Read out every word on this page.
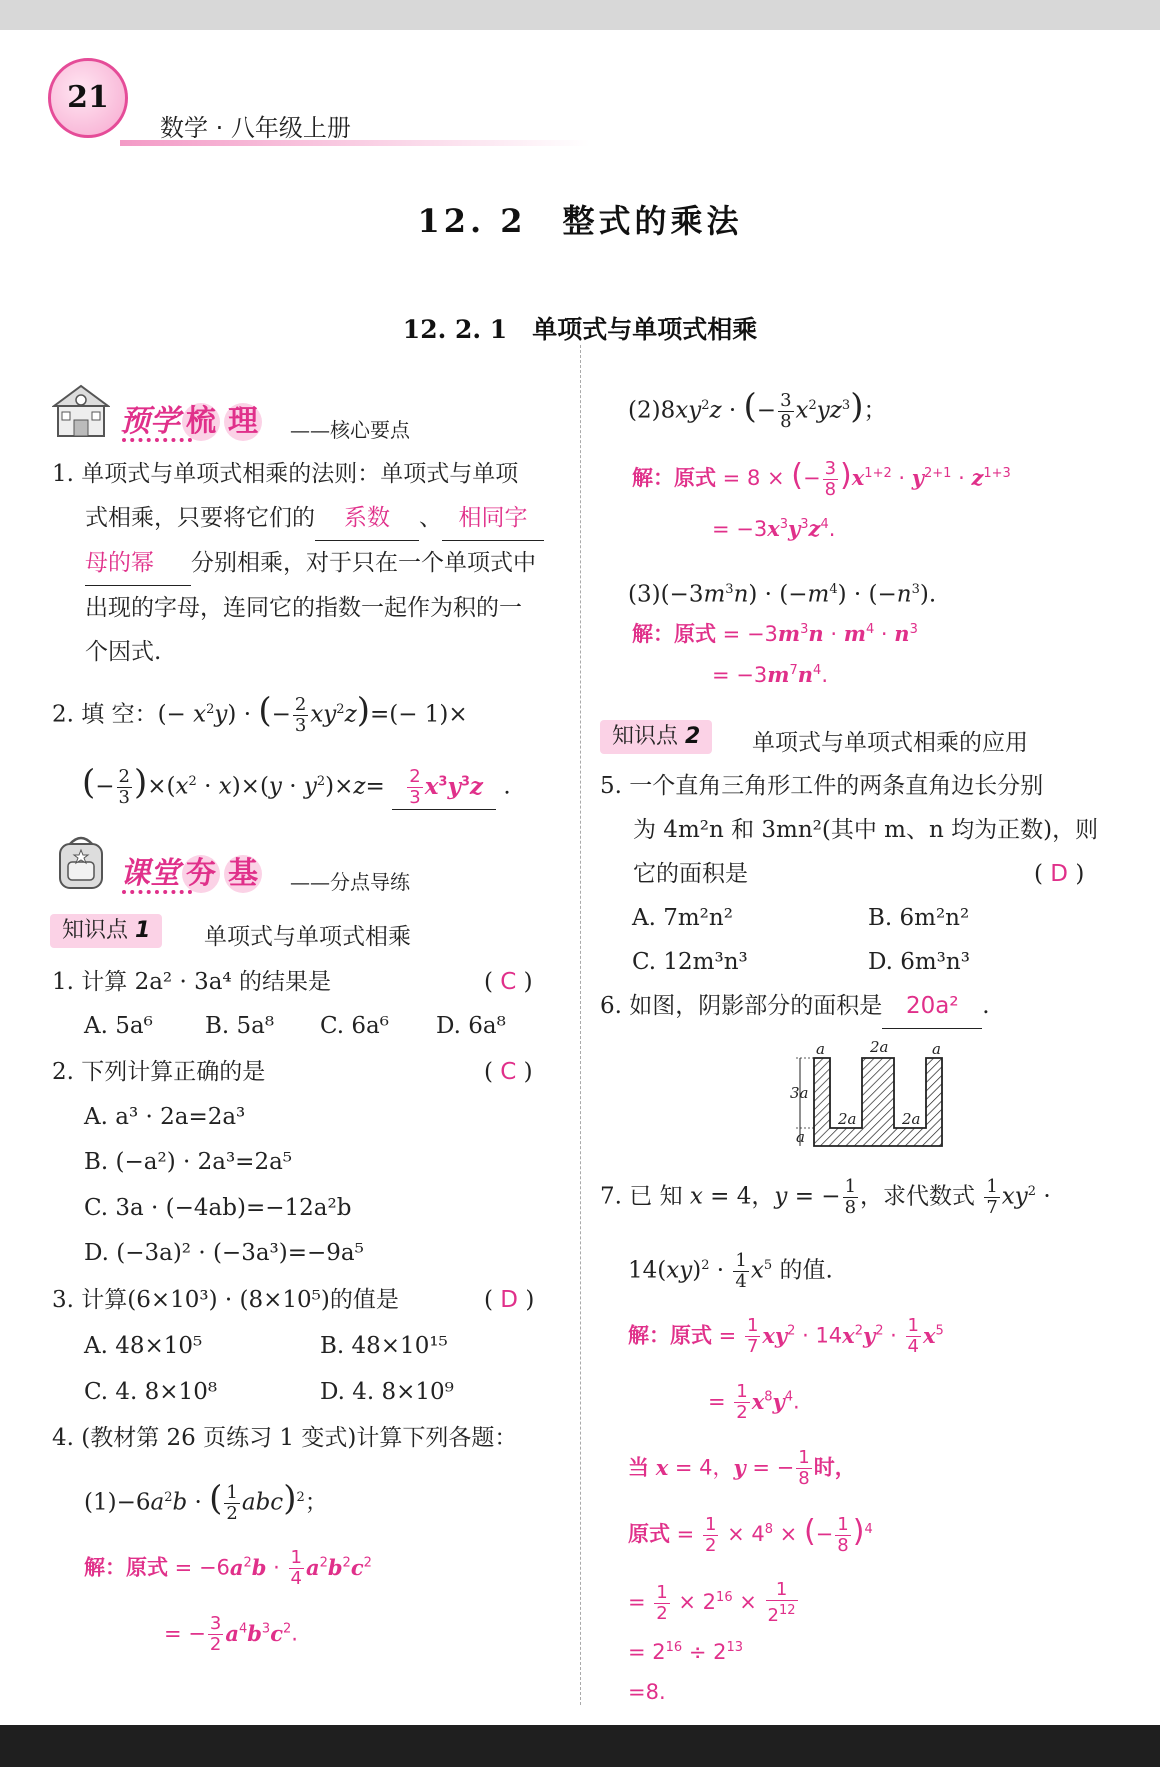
21
数学 · 八年级上册
12. 2　整式的乘法
12. 2. 1　单项式与单项式相乘
预学 梳 理	——核心要点
1. 单项式与单项式相乘的法则：单项式与单项
式相乘，只要将它们的 系数 、 相同字
母的幂 分别相乘，对于只在一个单项式中
出现的字母，连同它的指数一起作为积的一
个因式.
2. 填 空：(− $x^2y$) · (− $\frac{2}{3} xy^2z)=(- 1)\times$
(− $\frac{2}{3} )\times(x^2 \cdot x)\times(y \cdot y^2)\times z= \frac{2}{3} x^3y^3z$ .
课堂 夯 基	——分点导练
知识点 1	单项式与单项式相乘
1. 计算 2a² · 3a⁴ 的结果是	( C )
A. 5a⁶ B. 5a⁸ C. 6a⁶ D. 6a⁸
2. 下列计算正确的是	( C )
A. a³ · 2a=2a³
B. (−a²) · 2a³=2a⁵
C. 3a · (−4ab)=−12a²b
D. (−3a)² · (−3a³)=−9a⁵
3. 计算(6×10³) · (8×10⁵)的值是	( D )
A. 48×10⁵	B. 48×10¹⁵
C. 4. 8×10⁸	D. 4. 8×10⁹
4. (教材第 26 页练习 1 变式)计算下列各题：
$(1)-6a^2b$ · ( $\frac{1}{2} abc)^2$；
解：原式 = $-6a^2b \cdot \frac{1}{4} a^2b^2c^2$
= − $\frac{3}{2} a^4b^3c^2$.
$(2)8xy^2z$ · (− $\frac{3}{8} x^2yz^3$)；
解：原式 = 8 × (− $\frac{3}{8} )x^{1+2} \cdot y^{2+1} \cdot z^{1+3}$
= $-3x^3y^3z^4$.
$(3)(-3m^3n) \cdot (-m^4) \cdot (-n^3)$.
解：原式 = $-3m^3n \cdot m^4 \cdot n^3$
= $-3m^7n^4$.
知识点 2	单项式与单项式相乘的应用
5. 一个直角三角形工件的两条直角边长分别
为 4m²n 和 3mn²(其中 m、n 均为正数)，则
它的面积是	( D )
A. 7m²n²	B. 6m²n²
C. 12m³n³	D. 6m³n³
6. 如图，阴影部分的面积是 20a² .
a	2a	a
3a
a
2a	2a
7. 已 知 x = 4，y = − $\frac{1}{8}$ ，求代数式 $\frac{1}{7} xy^2$ ·
$14(xy)^2 \cdot \frac{1}{4} x^5$ 的值.
解：原式 = $\frac{1}{7} xy^2 \cdot 14x^2y^2 \cdot \frac{1}{4} x^5$
= $\frac{1}{2} x^8y^4$.
当 x = 4，y = − $\frac{1}{8}$ 时，
原式 = $\frac{1}{2} \times 4^8$ × (− $\frac{1}{8} )^4$
= $\frac{1}{2} \times 2^{16} \times \frac{1}{2^{12}}$
= $2^{16} \div 2^{13}$
=8.
